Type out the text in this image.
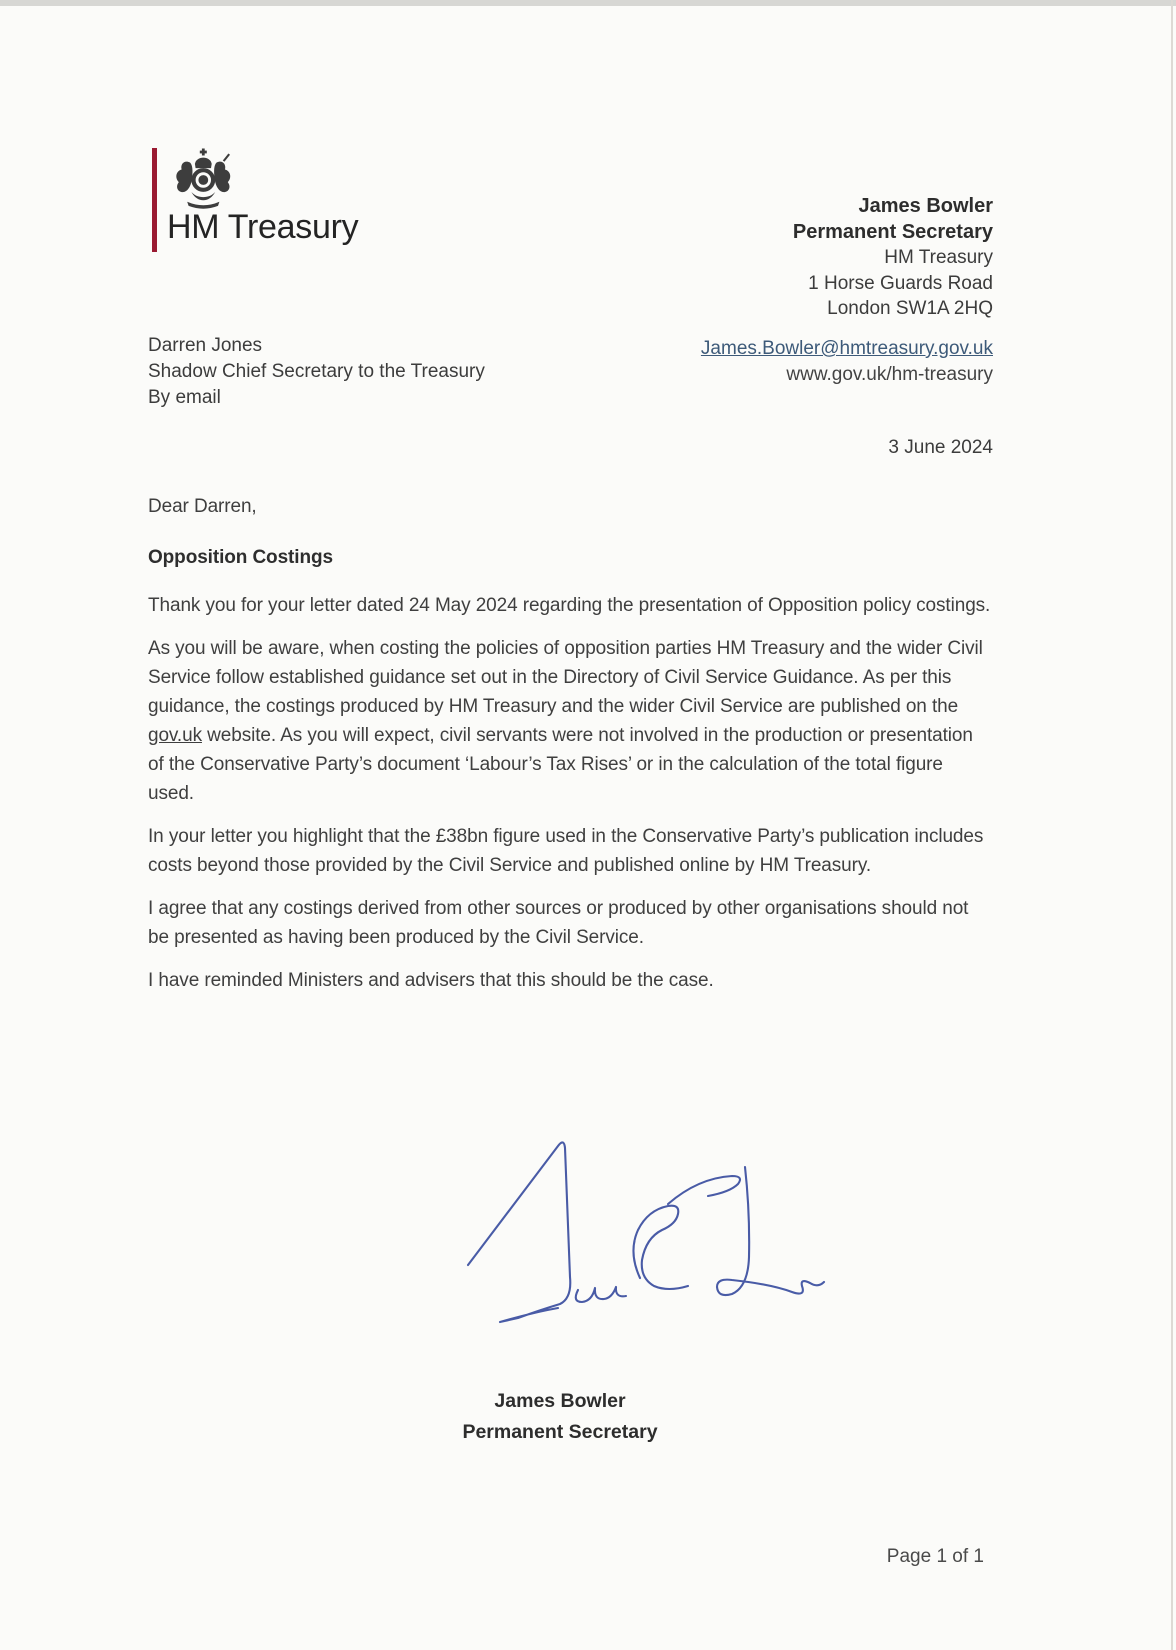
HM Treasury
James Bowler
Permanent Secretary
HM Treasury
1 Horse Guards Road
London SW1A 2HQ
James.Bowler@hmtreasury.gov.uk
www.gov.uk/hm-treasury
Darren Jones
Shadow Chief Secretary to the Treasury
By email
3 June 2024

Dear Darren,

Opposition Costings

Thank you for your letter dated 24 May 2024 regarding the presentation of Opposition policy costings.

As you will be aware, when costing the policies of opposition parties HM Treasury and the wider Civil Service follow established guidance set out in the Directory of Civil Service Guidance. As per this guidance, the costings produced by HM Treasury and the wider Civil Service are published on the gov.uk website. As you will expect, civil servants were not involved in the production or presentation of the Conservative Party’s document ‘Labour’s Tax Rises’ or in the calculation of the total figure used.

In your letter you highlight that the £38bn figure used in the Conservative Party’s publication includes costs beyond those provided by the Civil Service and published online by HM Treasury.

I agree that any costings derived from other sources or produced by other organisations should not be presented as having been produced by the Civil Service.

I have reminded Ministers and advisers that this should be the case.

James Bowler
Permanent Secretary
Page 1 of 1
